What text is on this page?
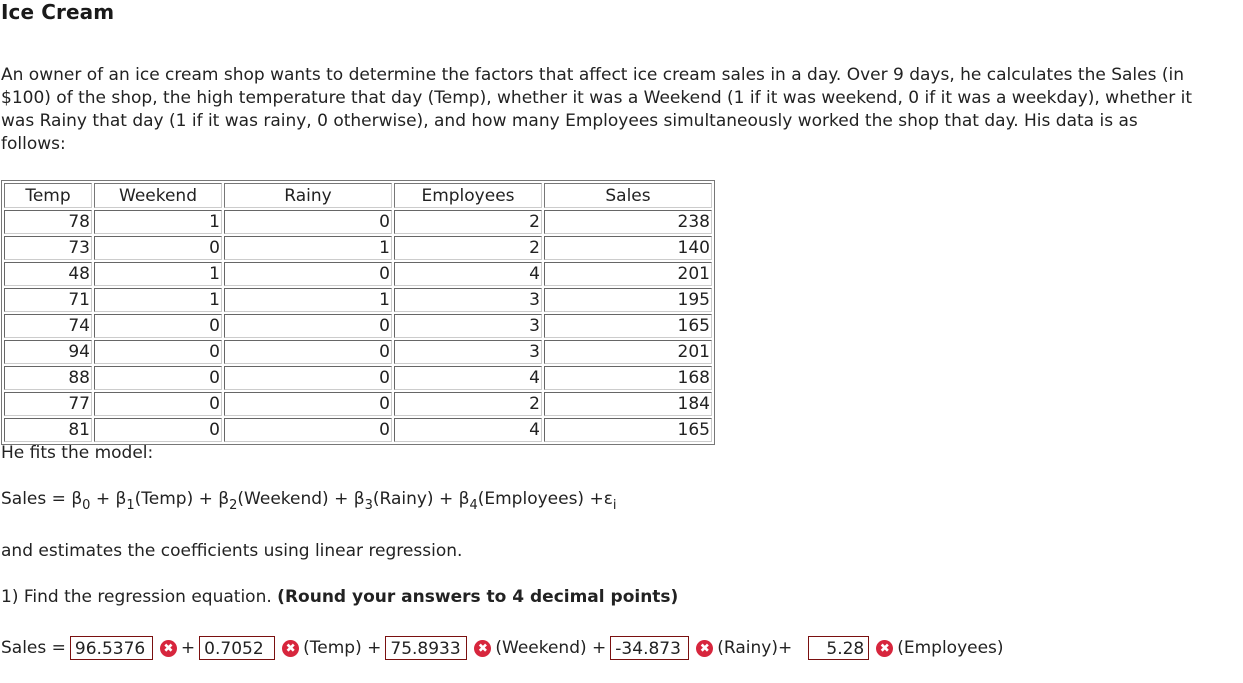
Ice Cream

An owner of an ice cream shop wants to determine the factors that affect ice cream sales in a day. Over 9 days, he calculates the Sales (in $100) of the shop, the high temperature that day (Temp), whether it was a Weekend (1 if it was weekend, 0 if it was a weekday), whether it was Rainy that day (1 if it was rainy, 0 otherwise), and how many Employees simultaneously worked the shop that day. His data is as follows:

Temp	Weekend	Rainy	Employees	Sales
78	1	0	2	238
73	0	1	2	140
48	1	0	4	201
71	1	1	3	195
74	0	0	3	165
94	0	0	3	201
88	0	0	4	168
77	0	0	2	184
81	0	0	4	165

He fits the model:

Sales = $\beta_0$ + $\beta_1(Temp)$ + $\beta_2(Weekend)$ + $\beta_3(Rainy)$ + $\beta_4(Employees) +\varepsilon_i$

and estimates the coefficients using linear regression.

1) Find the regression equation. (Round your answers to 4 decimal points)

Sales = 96.5376	✖ + 0.7052	✖ (Temp) + 75.8933	✖ (Weekend) + -34.873	✖ (Rainy)+	5.28	✖ (Employees)
